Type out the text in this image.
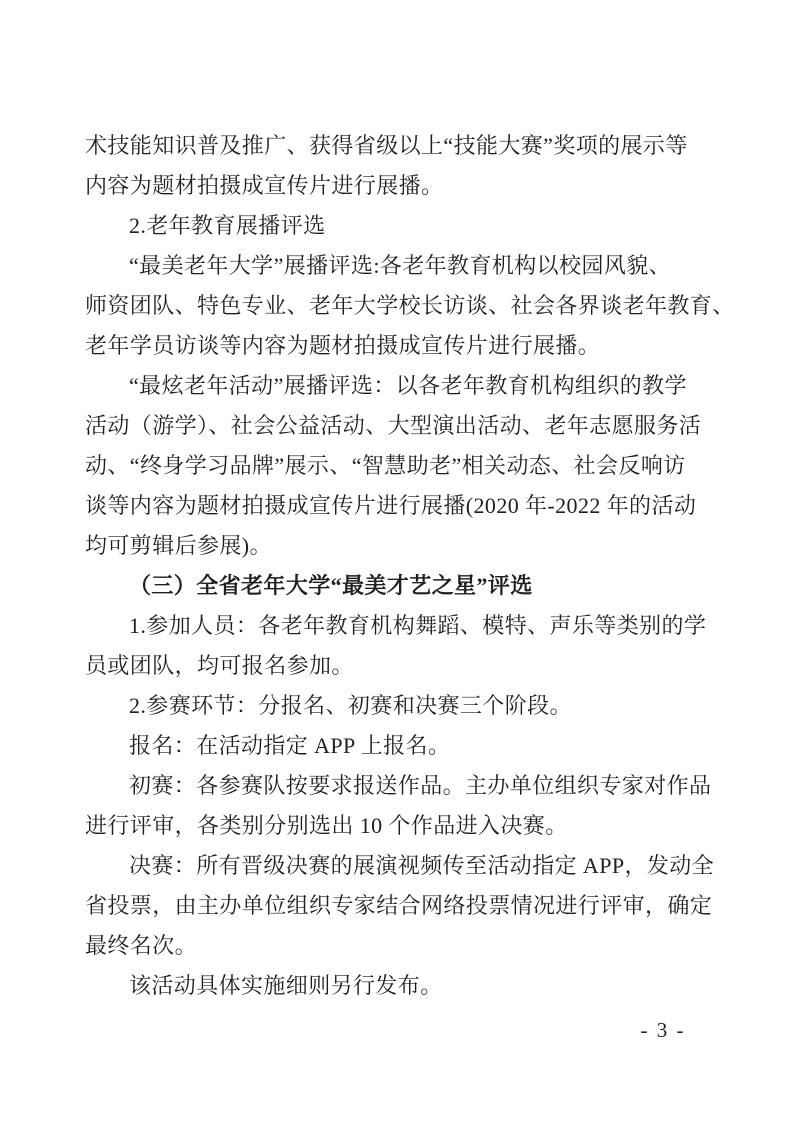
术技能知识普及推广、获得省级以上“技能大赛”奖项的展示等
内容为题材拍摄成宣传片进行展播。
2.老年教育展播评选
“最美老年大学”展播评选:各老年教育机构以校园风貌、
师资团队、特色专业、老年大学校长访谈、社会各界谈老年教育、
老年学员访谈等内容为题材拍摄成宣传片进行展播。
“最炫老年活动”展播评选：以各老年教育机构组织的教学
活动（游学）、社会公益活动、大型演出活动、老年志愿服务活
动、“终身学习品牌”展示、“智慧助老”相关动态、社会反响访
谈等内容为题材拍摄成宣传片进行展播(2020 年-2022 年的活动
均可剪辑后参展)。
（三）全省老年大学“最美才艺之星”评选
1.参加人员：各老年教育机构舞蹈、模特、声乐等类别的学
员或团队，均可报名参加。
2.参赛环节：分报名、初赛和决赛三个阶段。
报名：在活动指定 APP 上报名。
初赛：各参赛队按要求报送作品。主办单位组织专家对作品
进行评审，各类别分别选出 10 个作品进入决赛。
决赛：所有晋级决赛的展演视频传至活动指定 APP，发动全
省投票，由主办单位组织专家结合网络投票情况进行评审，确定
最终名次。
该活动具体实施细则另行发布。
- 3 -
